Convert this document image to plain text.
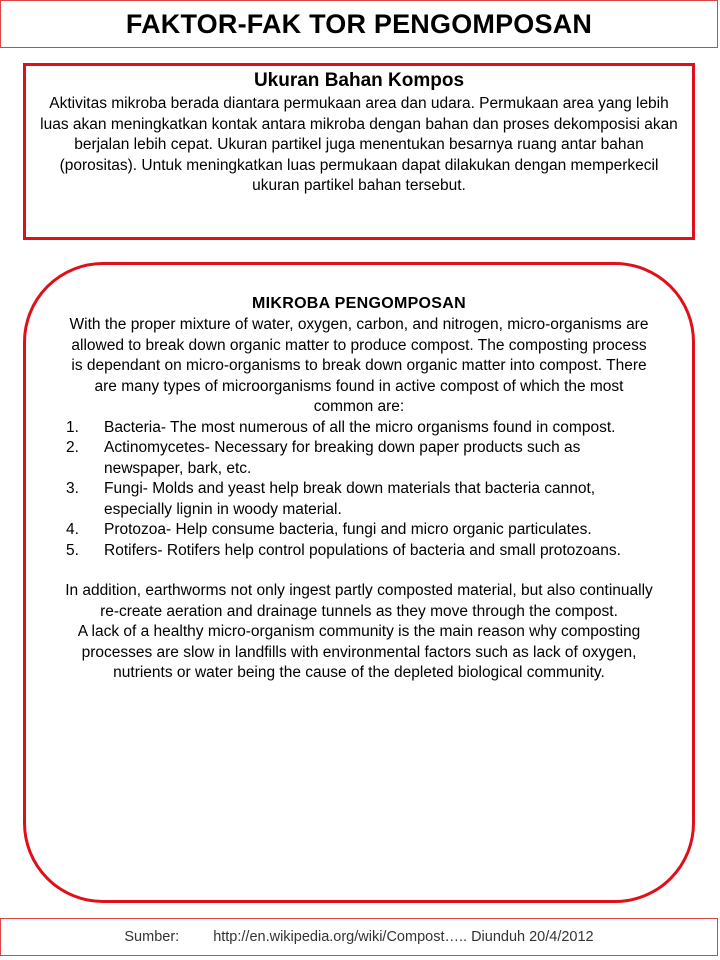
FAKTOR-FAK TOR PENGOMPOSAN
Ukuran Bahan Kompos

Aktivitas mikroba berada diantara permukaan area dan udara. Permukaan area yang lebih luas akan meningkatkan kontak antara mikroba dengan bahan dan proses dekomposisi akan berjalan lebih cepat. Ukuran partikel juga menentukan besarnya ruang antar bahan (porositas). Untuk meningkatkan luas permukaan dapat dilakukan dengan memperkecil ukuran partikel bahan tersebut.

MIKROBA PENGOMPOSAN

With the proper mixture of water, oxygen, carbon, and nitrogen, micro-organisms are allowed to break down organic matter to produce compost. The composting process is dependant on micro-organisms to break down organic matter into compost. There are many types of microorganisms found in active compost of which the most common are:

1.	Bacteria- The most numerous of all the micro organisms found in compost.
2.	Actinomycetes- Necessary for breaking down paper products such as newspaper, bark, etc.
3.	Fungi- Molds and yeast help break down materials that bacteria cannot, especially lignin in woody material.
4.	Protozoa- Help consume bacteria, fungi and micro organic particulates.
5.	Rotifers- Rotifers help control populations of bacteria and small protozoans.

In addition, earthworms not only ingest partly composted material, but also continually re-create aeration and drainage tunnels as they move through the compost.

A lack of a healthy micro-organism community is the main reason why composting processes are slow in landfills with environmental factors such as lack of oxygen, nutrients or water being the cause of the depleted biological community.

Sumber: http://en.wikipedia.org/wiki/Compost….. Diunduh 20/4/2012
